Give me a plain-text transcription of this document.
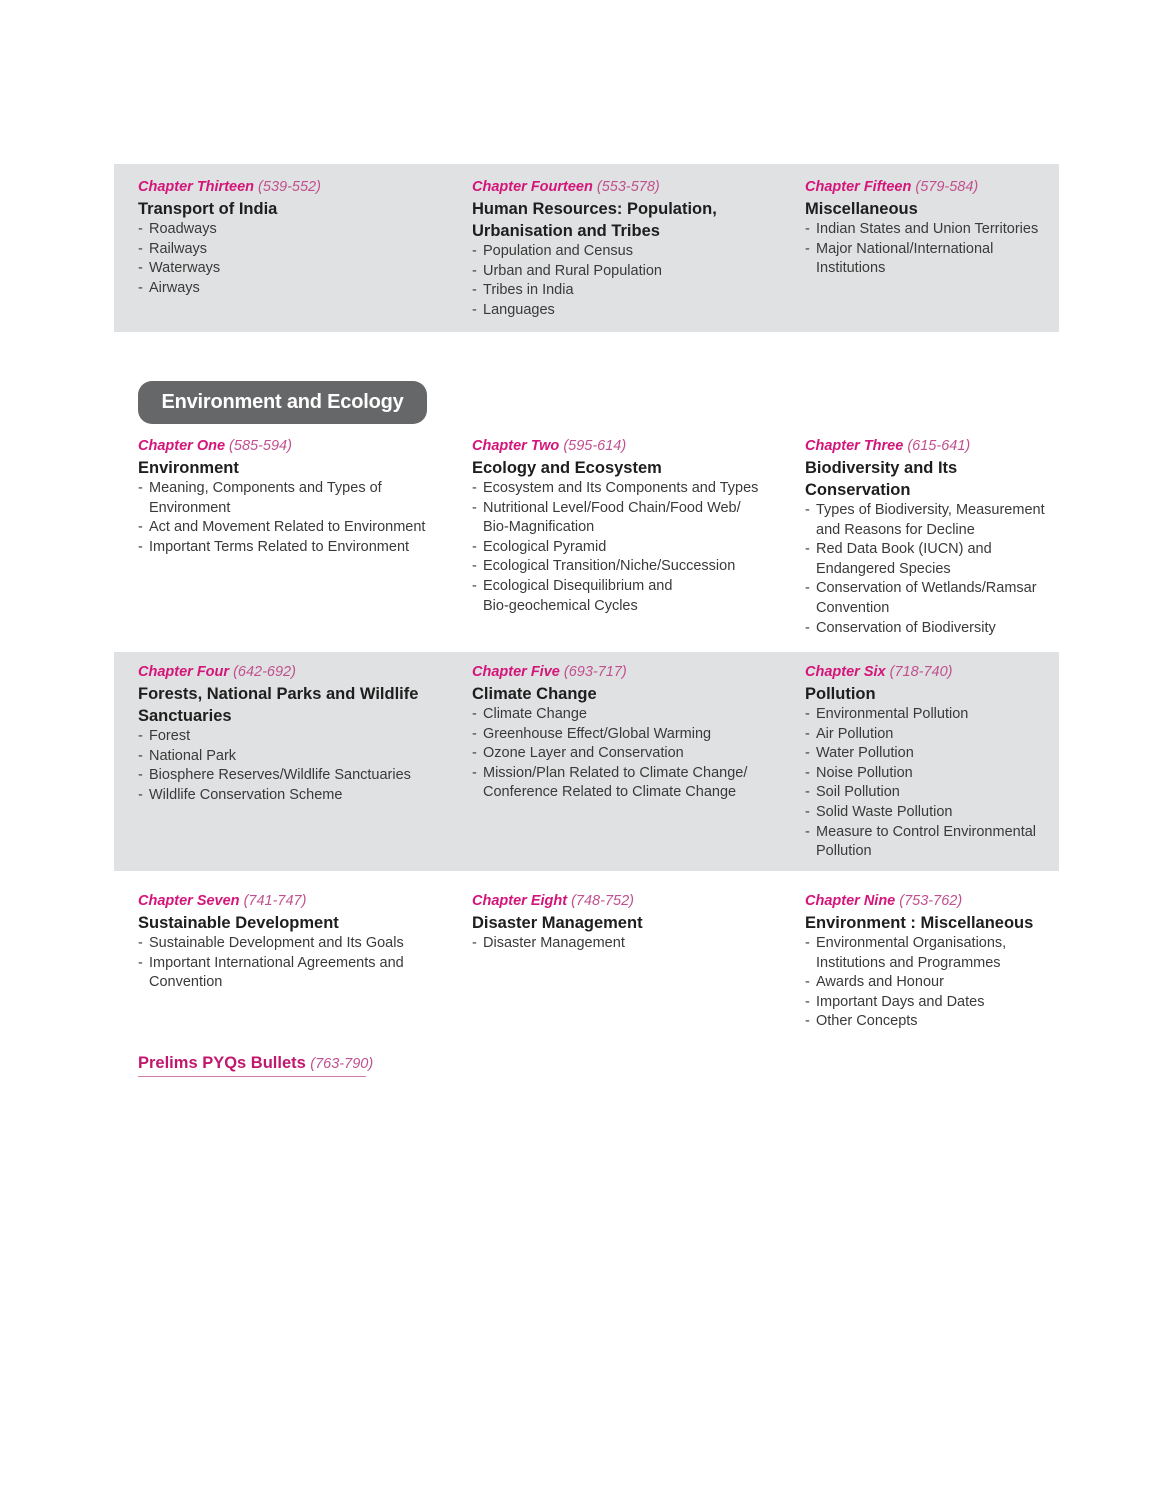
Chapter Thirteen (539-552)
Transport of India
- Roadways
- Railways
- Waterways
- Airways
Chapter Fourteen (553-578)
Human Resources: Population,
Urbanisation and Tribes
- Population and Census
- Urban and Rural Population
- Tribes in India
- Languages
Chapter Fifteen (579-584)
Miscellaneous
- Indian States and Union Territories
- Major National/International
Institutions
Environment and Ecology
Chapter One (585-594)
Environment
- Meaning, Components and Types of
Environment
- Act and Movement Related to Environment
- Important Terms Related to Environment
Chapter Two (595-614)
Ecology and Ecosystem
- Ecosystem and Its Components and Types
- Nutritional Level/Food Chain/Food Web/
Bio-Magnification
- Ecological Pyramid
- Ecological Transition/Niche/Succession
- Ecological Disequilibrium and
Bio-geochemical Cycles
Chapter Three (615-641)
Biodiversity and Its
Conservation
- Types of Biodiversity, Measurement
and Reasons for Decline
- Red Data Book (IUCN) and
Endangered Species
- Conservation of Wetlands/Ramsar
Convention
- Conservation of Biodiversity
Chapter Four (642-692)
Forests, National Parks and Wildlife
Sanctuaries
- Forest
- National Park
- Biosphere Reserves/Wildlife Sanctuaries
- Wildlife Conservation Scheme
Chapter Five (693-717)
Climate Change
- Climate Change
- Greenhouse Effect/Global Warming
- Ozone Layer and Conservation
- Mission/Plan Related to Climate Change/
Conference Related to Climate Change
Chapter Six (718-740)
Pollution
- Environmental Pollution
- Air Pollution
- Water Pollution
- Noise Pollution
- Soil Pollution
- Solid Waste Pollution
- Measure to Control Environmental
Pollution
Chapter Seven (741-747)
Sustainable Development
- Sustainable Development and Its Goals
- Important International Agreements and
Convention
Chapter Eight (748-752)
Disaster Management
- Disaster Management
Chapter Nine (753-762)
Environment : Miscellaneous
- Environmental Organisations,
Institutions and Programmes
- Awards and Honour
- Important Days and Dates
- Other Concepts
Prelims PYQs Bullets (763-790)
